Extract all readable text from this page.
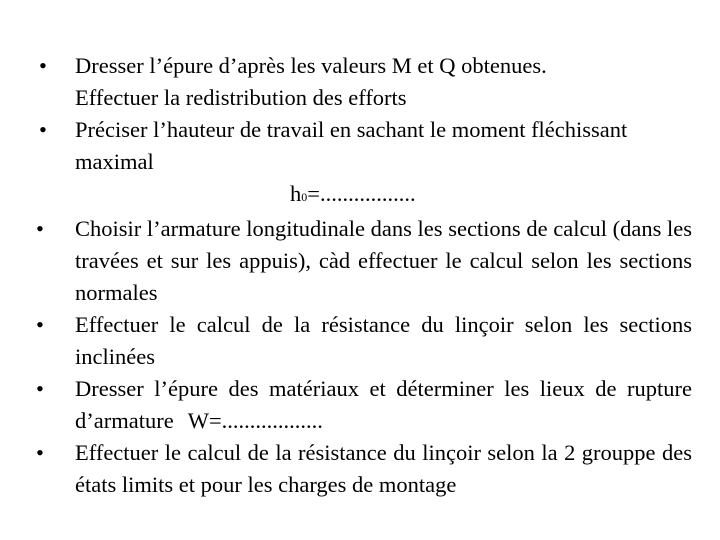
• Dresser l’épure d’après les valeurs M et Q obtenues.
Effectuer la redistribution des efforts
• Préciser l’hauteur de travail en sachant le moment fléchissant maximal
h0=.................
• Choisir l’armature longitudinale dans les sections de calcul (dans les travées et sur les appuis), càd effectuer le calcul selon les sections normales
• Effectuer le calcul de la résistance du linçoir selon les sections inclinées
• Dresser l’épure des matériaux et déterminer les lieux de rupture d’armature W=..................
• Effectuer le calcul de la résistance du linçoir selon la 2 grouppe des états limits et pour les charges de montage
